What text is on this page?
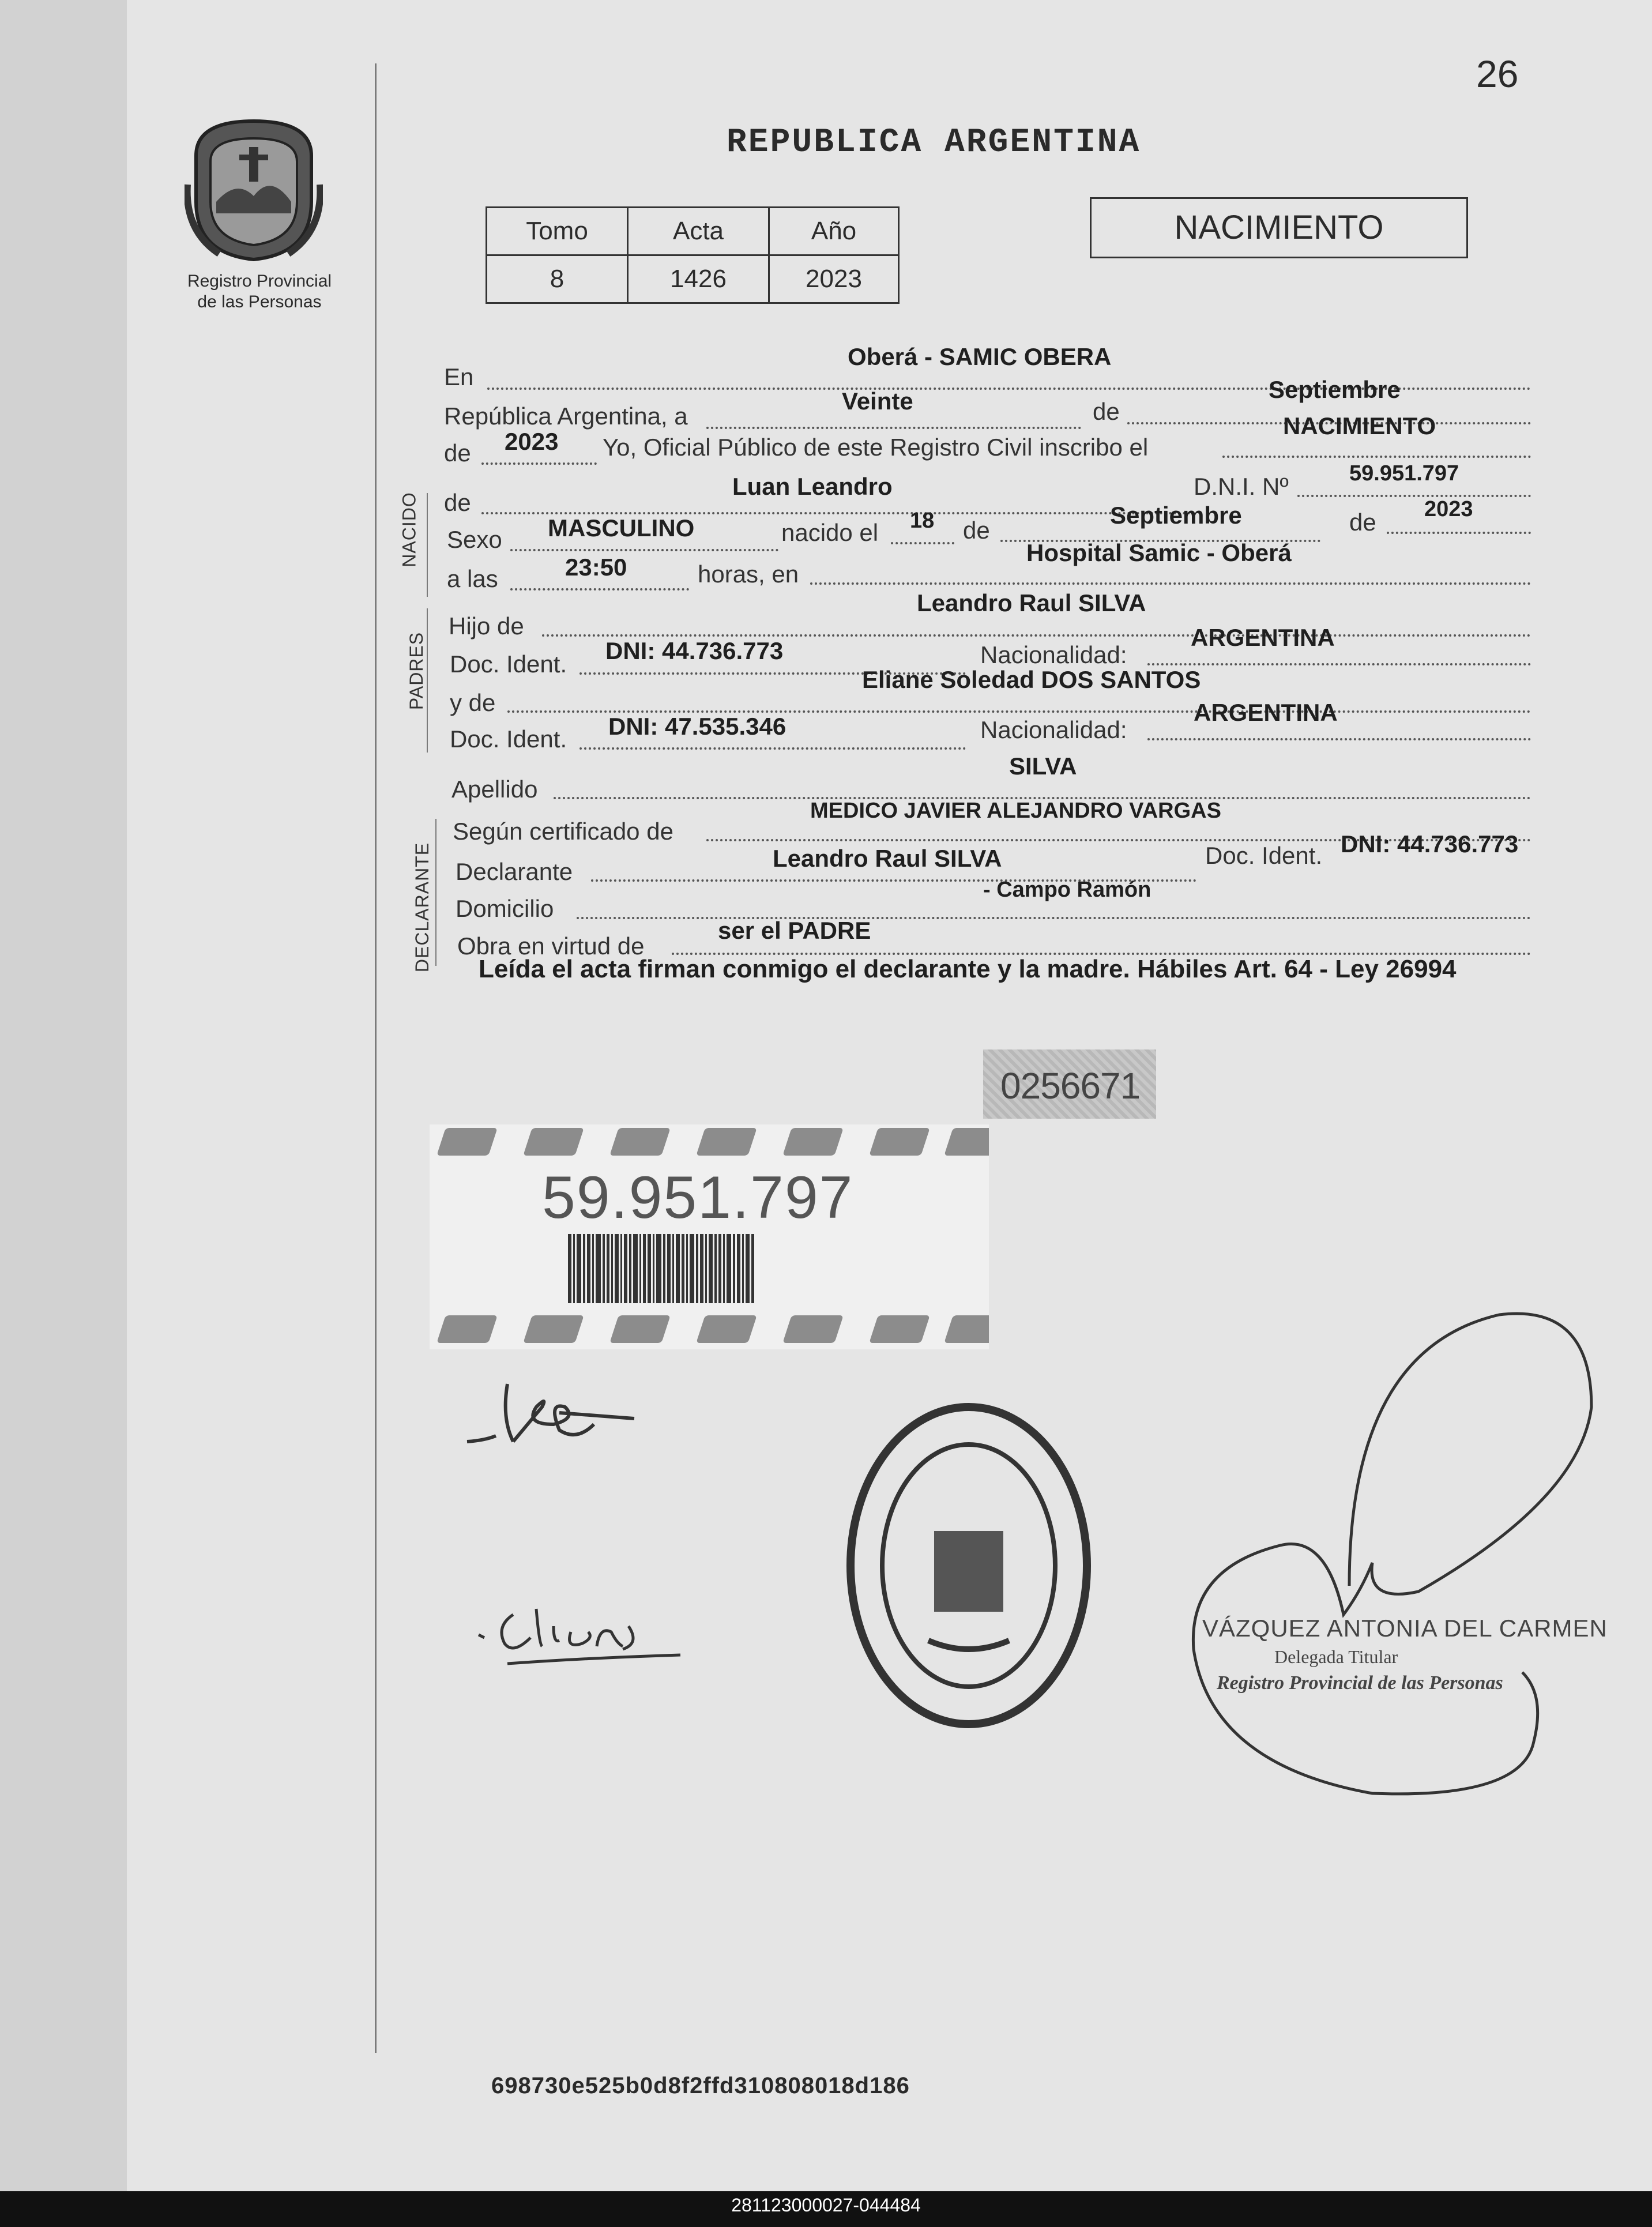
26
REPUBLICA ARGENTINA
Registro Provincial
de las Personas
Tomo	Acta	Año
8	1426	2023
NACIMIENTO
En
Oberá - SAMIC OBERA
República Argentina, a
Veinte	de
Septiembre
de 2023 Yo, Oficial Público de este Registro Civil inscribo el
NACIMIENTO
NACIDO de
Luan Leandro	D.N.I. Nº	59.951.797
Sexo MASCULINO	nacido el 18 de
Septiembre	de 2023
a las	23:50	horas, en
Hospital Samic - Oberá
PADRES
Hijo de
Leandro Raul SILVA
Doc. Ident. DNI: 44.736.773	Nacionalidad:
ARGENTINA
y de
Eliane Soledad DOS SANTOS
Doc. Ident. DNI: 47.535.346	Nacionalidad:
ARGENTINA
Apellido
SILVA
DECLARANTE
Según certificado de
MEDICO JAVIER ALEJANDRO VARGAS
Declarante	Leandro Raul SILVA	Doc. Ident. DNI: 44.736.773
Domicilio
- Campo Ramón
Obra en virtud de
ser el PADRE
Leída el acta firman conmigo el declarante y la madre. Hábiles Art. 64 - Ley 26994
0256671
59.951.797
VÁZQUEZ ANTONIA DEL CARMEN
Delegada Titular
Registro Provincial de las Personas
698730e525b0d8f2ffd310808018d186
281123000027-044484
